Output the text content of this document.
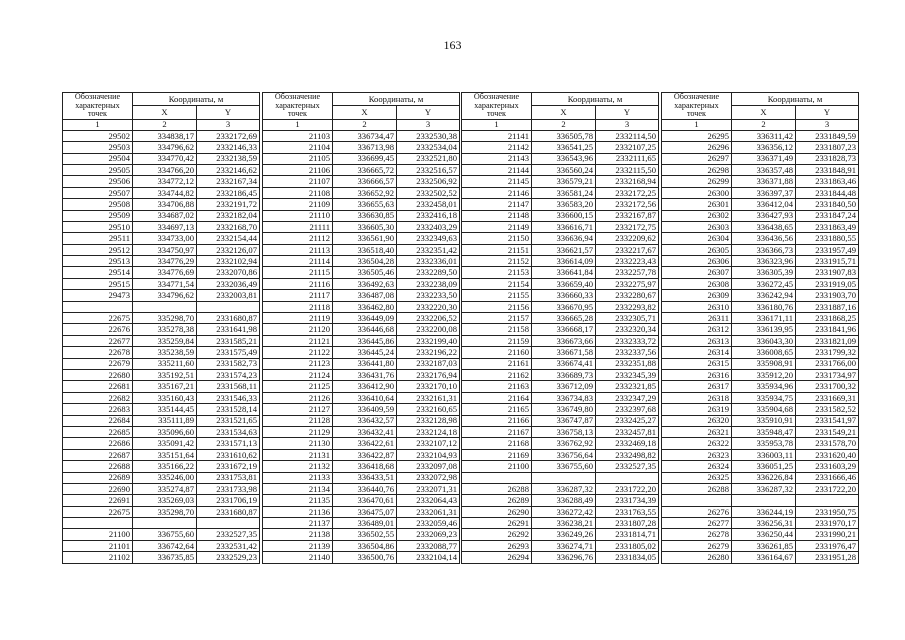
163
Обозначение характерных точек	Координаты, м	
	X	Y
1	2	3
29502	334838,17	2332172,69
29503	334796,62	2332146,33
29504	334770,42	2332138,59
29505	334766,20	2332146,62
29506	334772,12	2332167,34
29507	334744,82	2332186,45
29508	334706,88	2332191,72
29509	334687,02	2332182,04
29510	334697,13	2332168,70
29511	334733,00	2332154,44
29512	334750,97	2332126,07
29513	334776,29	2332102,94
29514	334776,69	2332070,86
29515	334771,54	2332036,49
29473	334796,62	2332003,81

22675	335298,70	2331680,87
22676	335278,38	2331641,98
22677	335259,84	2331585,21
22678	335238,59	2331575,49
22679	335211,60	2331582,73
22680	335192,51	2331574,23
22681	335167,21	2331568,11
22682	335160,43	2331546,33
22683	335144,45	2331528,14
22684	335111,89	2331521,65
22685	335096,60	2331534,63
22686	335091,42	2331571,13
22687	335151,64	2331610,62
22688	335166,22	2331672,19
22689	335246,00	2331753,81
22690	335274,87	2331733,98
22691	335269,03	2331706,19
22675	335298,70	2331680,87

21100	336755,60	2332527,35
21101	336742,64	2332531,42
21102	336735,85	2332529,23
Обозначение характерных точек	Координаты, м	
	X	Y
1	2	3
21103	336734,47	2332530,38
21104	336713,98	2332534,04
21105	336699,45	2332521,80
21106	336665,72	2332516,57
21107	336666,57	2332506,92
21108	336652,92	2332502,52
21109	336655,63	2332458,01
21110	336630,85	2332416,18
21111	336605,30	2332403,29
21112	336561,90	2332349,63
21113	336518,40	2332351,42
21114	336504,28	2332336,01
21115	336505,46	2332289,50
21116	336492,63	2332238,09
21117	336487,08	2332233,50
21118	336462,80	2332220,30
21119	336449,09	2332206,52
21120	336446,68	2332200,08
21121	336445,86	2332199,40
21122	336445,24	2332196,22
21123	336441,80	2332187,03
21124	336431,76	2332176,94
21125	336412,90	2332170,10
21126	336410,64	2332161,31
21127	336409,59	2332160,65
21128	336432,57	2332128,98
21129	336432,41	2332124,18
21130	336422,61	2332107,12
21131	336422,87	2332104,93
21132	336418,68	2332097,08
21133	336433,51	2332072,98
21134	336440,76	2332071,31
21135	336470,61	2332064,43
21136	336475,07	2332061,31
21137	336489,01	2332059,46
21138	336502,55	2332069,23
21139	336504,86	2332088,77
21140	336500,76	2332104,14
Обозначение характерных точек	Координаты, м	
	X	Y
1	2	3
21141	336505,78	2332114,50
21142	336541,25	2332107,25
21143	336543,96	2332111,65
21144	336560,24	2332115,50
21145	336579,21	2332168,94
21146	336581,24	2332172,25
21147	336583,20	2332172,56
21148	336600,15	2332167,87
21149	336616,71	2332172,75
21150	336636,94	2332209,62
21151	336621,57	2332217,67
21152	336614,09	2332223,43
21153	336641,84	2332257,78
21154	336659,40	2332275,97
21155	336660,33	2332280,67
21156	336670,95	2332293,82
21157	336665,28	2332305,71
21158	336668,17	2332320,34
21159	336673,66	2332333,72
21160	336671,58	2332337,56
21161	336674,41	2332351,88
21162	336689,73	2332345,39
21163	336712,09	2332321,85
21164	336734,83	2332347,29
21165	336749,80	2332397,68
21166	336747,87	2332425,27
21167	336758,13	2332457,81
21168	336762,92	2332469,18
21169	336756,64	2332498,82
21100	336755,60	2332527,35

26288	336287,32	2331722,20
26289	336288,49	2331734,39
26290	336272,42	2331763,55
26291	336238,21	2331807,28
26292	336249,26	2331814,71
26293	336274,71	2331805,02
26294	336296,76	2331834,05
Обозначение характерных точек	Координаты, м	
	X	Y
1	2	3
26295	336311,42	2331849,59
26296	336356,12	2331807,23
26297	336371,49	2331828,73
26298	336357,48	2331848,91
26299	336371,88	2331863,46
26300	336397,37	2331844,48
26301	336412,04	2331840,50
26302	336427,93	2331847,24
26303	336438,65	2331863,49
26304	336436,56	2331880,55
26305	336366,73	2331957,49
26306	336323,96	2331915,71
26307	336305,39	2331907,83
26308	336272,45	2331919,05
26309	336242,94	2331903,70
26310	336180,76	2331887,16
26311	336171,11	2331868,25
26312	336139,95	2331841,96
26313	336043,30	2331821,09
26314	336008,65	2331799,32
26315	335908,91	2331766,00
26316	335912,20	2331734,97
26317	335934,96	2331700,32
26318	335934,75	2331669,31
26319	335904,68	2331582,52
26320	335910,91	2331541,97
26321	335948,47	2331549,21
26322	335953,78	2331578,70
26323	336003,11	2331620,40
26324	336051,25	2331603,29
26325	336226,84	2331666,46
26288	336287,32	2331722,20

26276	336244,19	2331950,75
26277	336256,31	2331970,17
26278	336250,44	2331990,21
26279	336261,85	2331976,47
26280	336164,67	2331951,28
